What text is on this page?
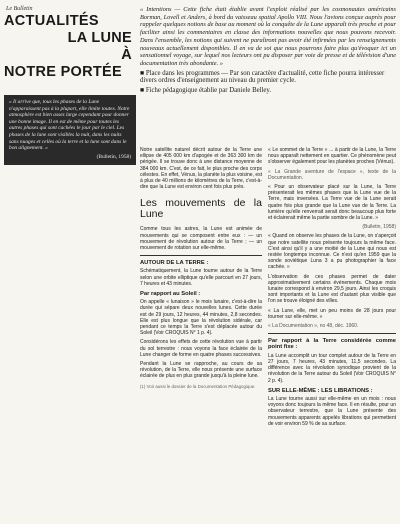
Le Bulletin
ACTUALITÉS
LA LUNE
À
NOTRE PORTÉE
« Il arrive que, tous les phases de la Lune n'apparaissent pas à la plupart, elle limite toutes. Notre atmosphère est bien assez large cependant pour donner une bonne image. Il en est de même pour toutes les autres phases qui sont cachées le jour par le ciel. Les phases de la lune sont visibles la nuit, dans les nuits sans nuages et celles où la terre et la lune sont dans le bon alignement. »
(Bulletin, 1958)

« Intentions — Cette fiche était établie avant l'exploit réalisé par les cosmonautes américains Borman, Lovell et Anders, à bord du vaisseau spatial Apollo VIII. Nous l'avions conçue auprès pour rappeler quelques notions de base au moment où la conquête de la Lune apparaît très proche et pour faciliter ainsi les commentaires en classe des informations nouvelles que nous pouvons recevoir. Dans l'ensemble, les notions qui suivent ne paraîtront pas avoir été infirmées par les renseignements nouveaux actuellement disponibles. Il en va de soi que nous pourrons faire plus qu'évoquer ici un sensationnel voyage, sur lequel nos lecteurs ont pu disposer par voie de presse et de télévision d'une documentation très abondante. »

■ Place dans les programmes — Par son caractère d'actualité, cette fiche pourra intéresser divers ordres d'enseignement au niveau du premier cycle.
■ Fiche pédagogique établie par Daniele Belley.

Notre satellite naturel décrit autour de la Terre une ellipse de 405 000 km d'apogée et de 363 300 km de périgée. Il se trouve donc à une distance moyenne de 384 000 km. C'est, de ce fait, le plus proche des corps célestes. En effet, Vénus, la planète la plus voisine, est à plus de 40 millions de kilomètres de la Terre, c'est-à-dire que la Lune est environ cent fois plus près.

Les mouvements de la Lune

Comme tous les astres, la Lune est animée de mouvements qui se composent entre eux : — un mouvement de révolution autour de la Terre ; — un mouvement de rotation sur elle-même.

AUTOUR DE LA TERRE :

Schématiquement, la Lune tourne autour de la Terre selon une orbite elliptique qu'elle parcourt en 27 jours, 7 heures et 43 minutes.

Par rapport au Soleil :

On appelle « lunaison » le mois lunaire, c'est-à-dire la durée qui sépare deux nouvelles lunes. Cette durée est de 29 jours, 12 heures, 44 minutes, 2,8 secondes. Elle est plus longue que la révolution sidérale, car pendant ce temps la Terre s'est déplacée autour du Soleil (Voir CROQUIS N° 1 p. 4).

Considérons les effets de cette révolution vue à partir du sol terrestre : nous voyons la face éclairée de la Lune changer de forme en quatre phases successives.

Pendant la Lune se rapproche, au cours de sa révolution, de la Terre, elle nous présente une surface éclairée de plus en plus grande jusqu'à la pleine lune.

(1) Voir aussi le dossier de la Documentation Pédagogique.

« Le sommet de la Terre » ... à partir de la Lune, la Terre nous apparaît nettement en quartier. Ce phénomène peut s'observer également pour les planètes proches (Vénus).

« La Grande aventure de l'espace », texte de la Documentation.

« Pour un observateur placé sur la Lune, la Terre présenterait les mêmes phases que la Lune vue de la Terre, mais inversées. La Terre vue de la Lune serait quatre fois plus grande que la Lune vue de la Terre. La lumière qu'elle renverrait serait donc beaucoup plus forte et éclairerait même la partie sombre de la Lune. »

(Bulletin, 1958)

« Quand on observe les phases de la Lune, on s'aperçoit que notre satellite nous présente toujours la même face. C'est ainsi qu'il y a une moitié de la Lune qui nous est restée longtemps inconnue. Ce n'est qu'en 1959 que la sonde soviétique Luna 3 a pu photographier la face cachée. »

L'observation de ces phases permet de dater approximativement certains événements. Chaque mois lunaire correspond à environ 29,5 jours. Ainsi les croquis sont importants et la Lune est d'autant plus visible que l'on se trouve éloigné des villes.

« La Lune, elle, met un peu moins de 28 jours pour tourner sur elle-même. »

« La Documentation », no 48, déc. 1960.

Par rapport à la Terre considérée comme point fixe :

La Lune accomplit un tour complet autour de la Terre en 27 jours, 7 heures, 43 minutes, 11,5 secondes. La différence avec la révolution synodique provient de la révolution de la Terre autour du Soleil (Voir CROQUIS N° 2 p. 4).

SUR ELLE-MÊME : LES LIBRATIONS :

La Lune tourne aussi sur elle-même en un mois : nous voyons donc toujours la même face. Il en résulte, pour un observateur terrestre, que la Lune présente des mouvements apparents appelés librations qui permettent de voir environ 59 % de sa surface.
